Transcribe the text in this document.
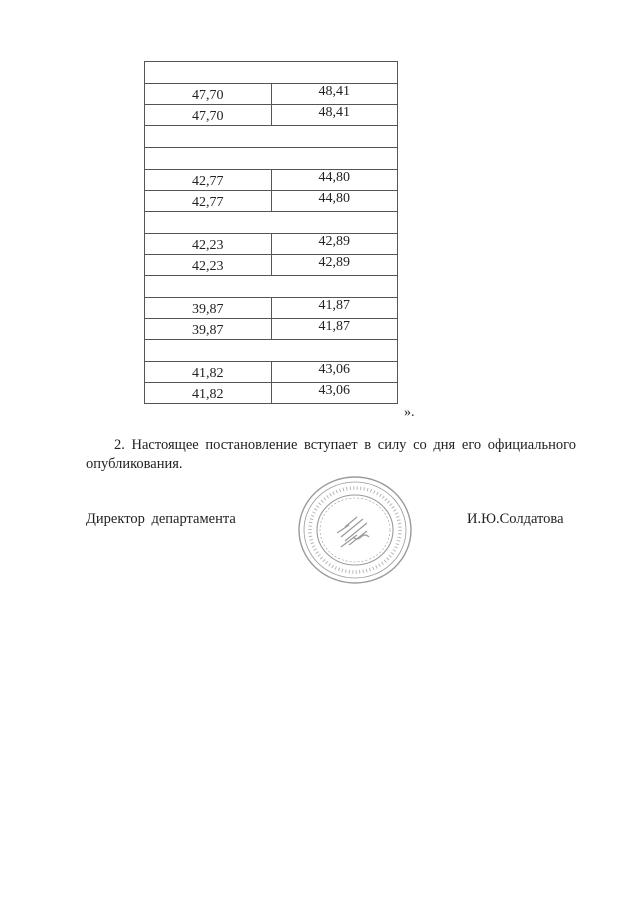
47,70	48,41
47,70	48,41

42,77	44,80
42,77	44,80

42,23	42,89
42,23	42,89

39,87	41,87
39,87	41,87

41,82	43,06
41,82	43,06
».
2. Настоящее постановление вступает в силу со дня его официального
опубликования.
Директор департамента	И.Ю.Солдатова
